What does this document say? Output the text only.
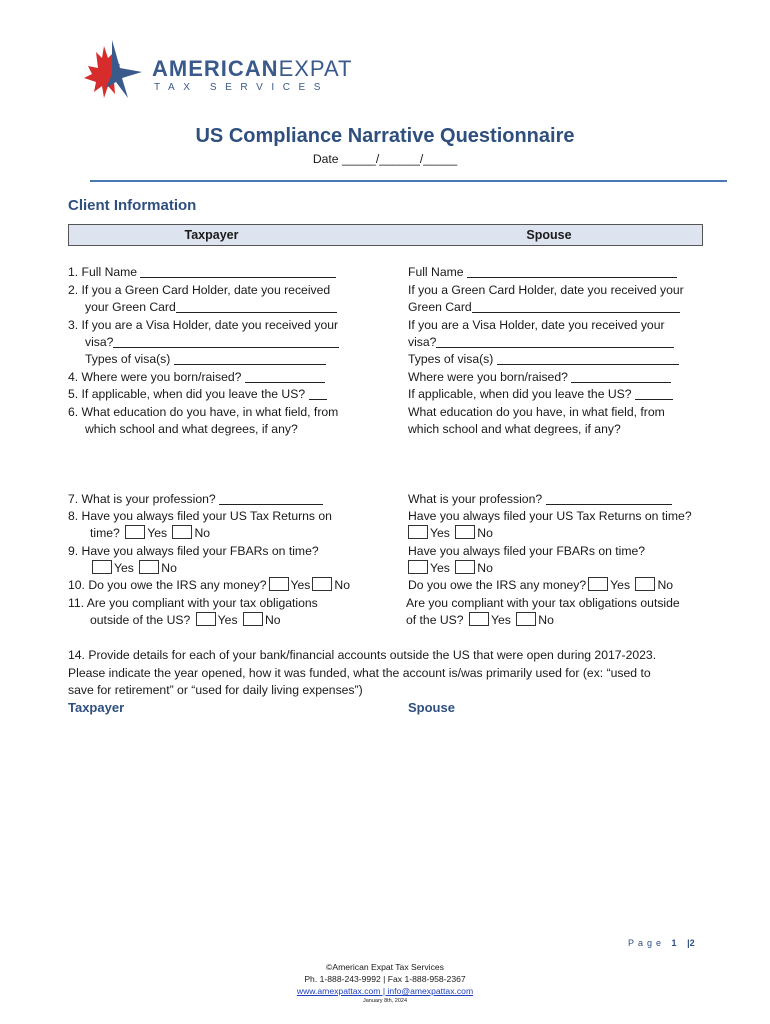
AMERICANEXPAT
TAX SERVICES
US Compliance Narrative Questionnaire
Date _____/______/_____
Client Information
Taxpayer	Spouse
1. Full Name
2. If you a Green Card Holder, date you received
your Green Card
3. If you are a Visa Holder, date you received your
visa?
Types of visa(s)
4. Where were you born/raised?
5. If applicable, when did you leave the US?
6. What education do you have, in what field, from
which school and what degrees, if any?
Full Name
If you a Green Card Holder, date you received your
Green Card
If you are a Visa Holder, date you received your
visa?
Types of visa(s)
Where were you born/raised?
If applicable, when did you leave the US?
What education do you have, in what field, from
which school and what degrees, if any?
7. What is your profession?
8. Have you always filed your US Tax Returns on
time? Yes No
9. Have you always filed your FBARs on time?
Yes No
10. Do you owe the IRS any money? Yes No
11. Are you compliant with your tax obligations
outside of the US? Yes No
What is your profession?
Have you always filed your US Tax Returns on time?
Yes No
Have you always filed your FBARs on time?
Yes No
Do you owe the IRS any money? Yes No
Are you compliant with your tax obligations outside
of the US? Yes No
14. Provide details for each of your bank/financial accounts outside the US that were open during 2017-2023.
Please indicate the year opened, how it was funded, what the account is/was primarily used for (ex: “used to
save for retirement” or “used for daily living expenses”)
Taxpayer	Spouse
Page 1 |2
©American Expat Tax Services
Ph. 1-888-243-9992 | Fax 1-888-958-2367
www.amexpattax.com | info@amexpattax.com
January 8th, 2024
